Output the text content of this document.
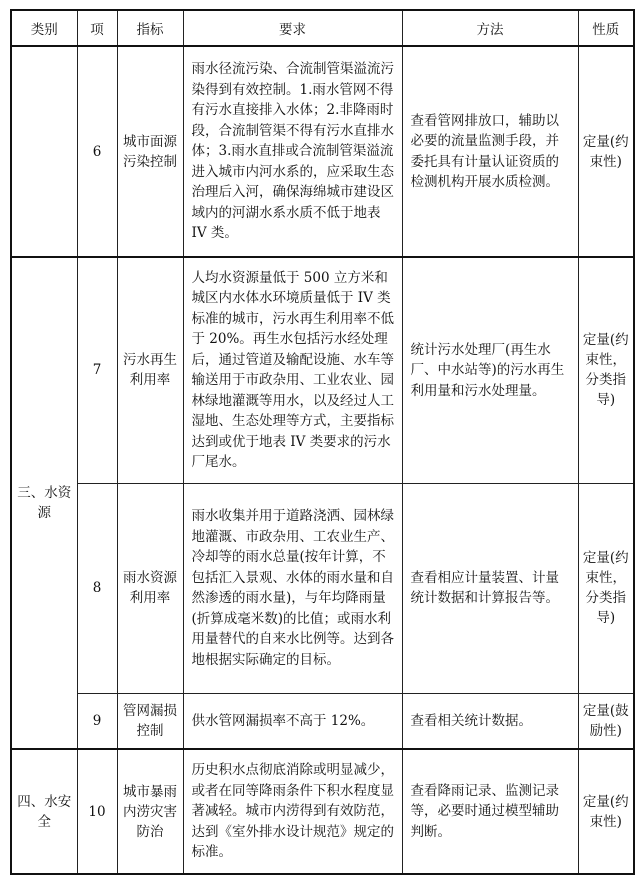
类别	项	指标	要求	方法	性质
	6	城市面源污染控制	雨水径流污染、合流制管渠溢流污染得到有效控制。1.雨水管网不得有污水直接排入水体；2.非降雨时段，合流制管渠不得有污水直排水体；3.雨水直排或合流制管渠溢流进入城市内河水系的，应采取生态治理后入河，确保海绵城市建设区域内的河湖水系水质不低于地表 IV 类。	查看管网排放口，辅助以必要的流量监测手段，并委托具有计量认证资质的检测机构开展水质检测。	定量(约束性)
三、水资源	7	污水再生利用率	人均水资源量低于 500 立方米和城区内水体水环境质量低于 IV 类标准的城市，污水再生利用率不低于 20%。再生水包括污水经处理后，通过管道及输配设施、水车等输送用于市政杂用、工业农业、园林绿地灌溉等用水，以及经过人工湿地、生态处理等方式，主要指标达到或优于地表 IV 类要求的污水厂尾水。	统计污水处理厂(再生水厂、中水站等)的污水再生利用量和污水处理量。	定量(约束性，分类指导)
	8	雨水资源利用率	雨水收集并用于道路浇洒、园林绿地灌溉、市政杂用、工农业生产、冷却等的雨水总量(按年计算，不包括汇入景观、水体的雨水量和自然渗透的雨水量)，与年均降雨量(折算成毫米数)的比值；或雨水利用量替代的自来水比例等。达到各地根据实际确定的目标。	查看相应计量装置、计量统计数据和计算报告等。	定量(约束性，分类指导)
	9	管网漏损控制	供水管网漏损率不高于 12%。	查看相关统计数据。	定量(鼓励性)
四、水安全	10	城市暴雨内涝灾害防治	历史积水点彻底消除或明显减少，或者在同等降雨条件下积水程度显著减轻。城市内涝得到有效防范，达到《室外排水设计规范》规定的标准。	查看降雨记录、监测记录等，必要时通过模型辅助判断。	定量(约束性)
